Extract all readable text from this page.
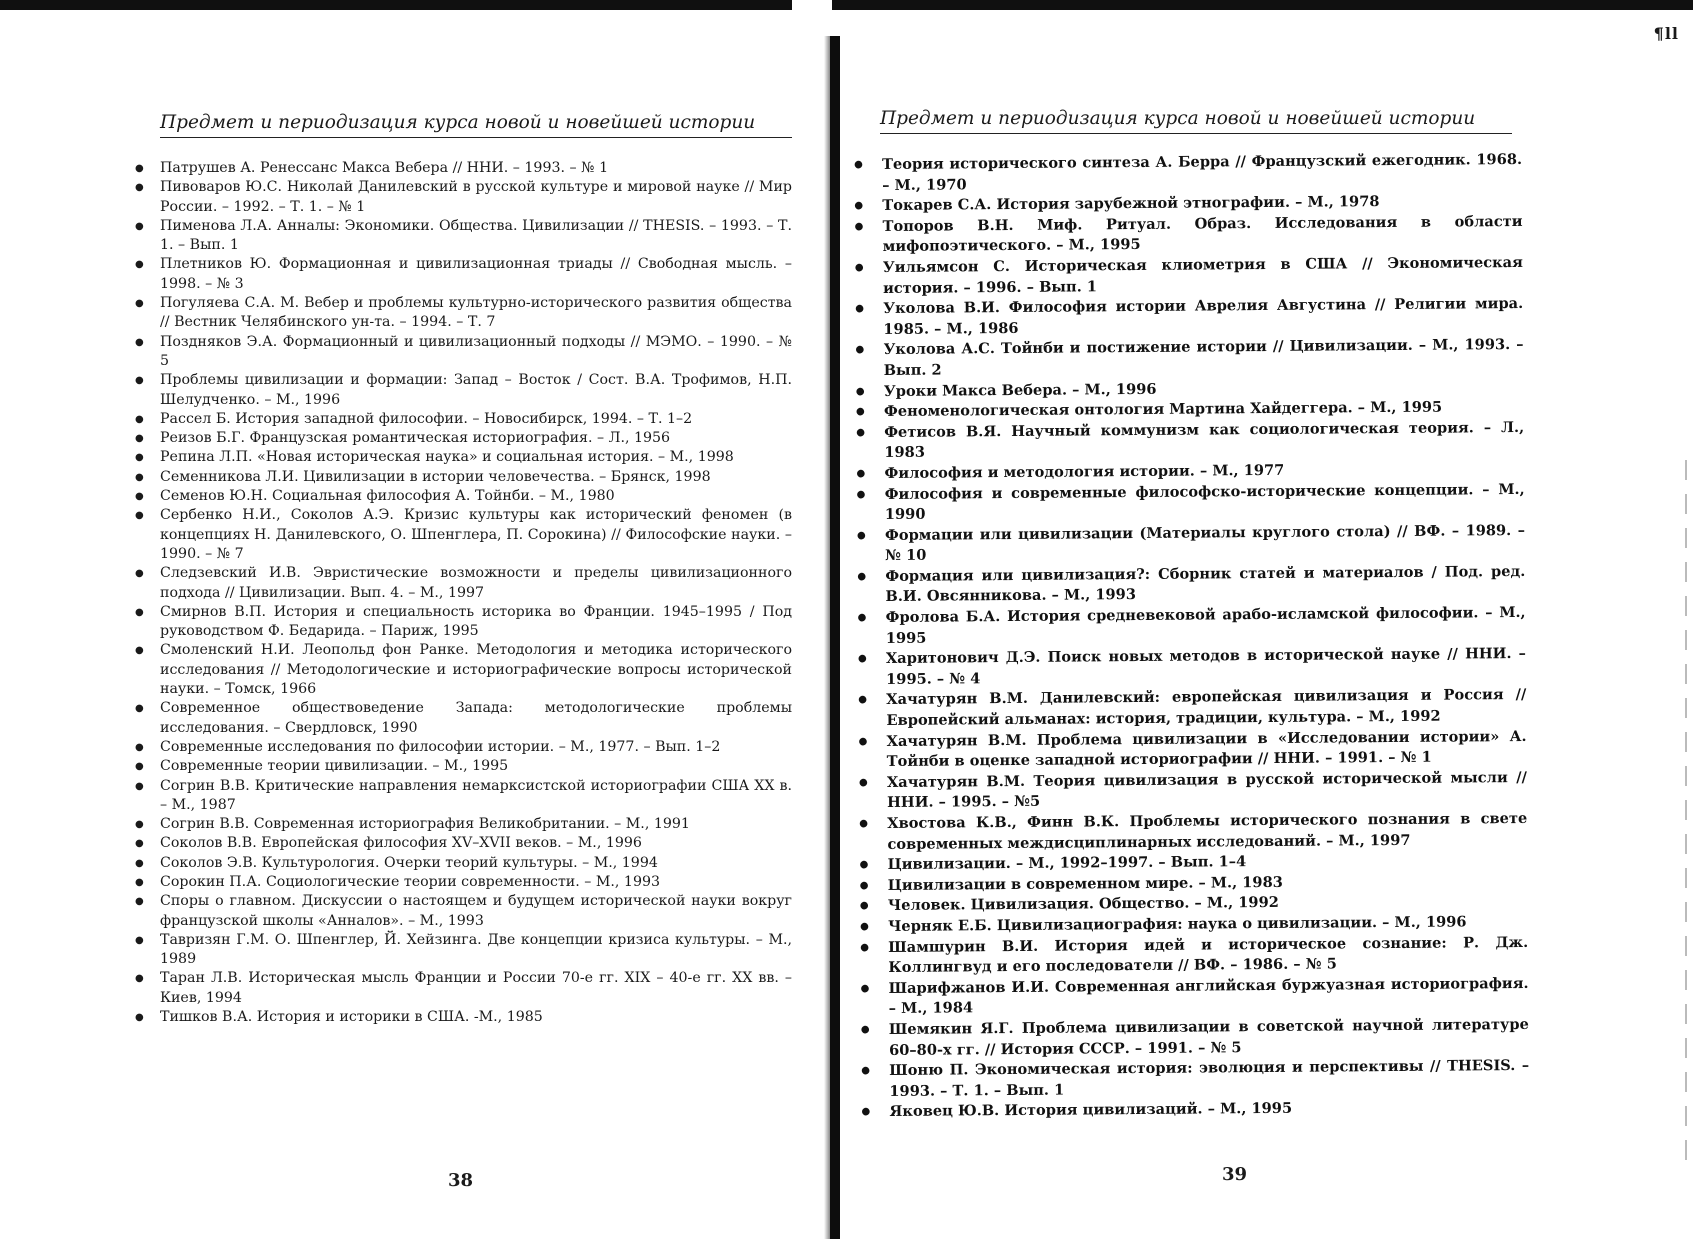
Предмет и периодизация курса новой и новейшей истории
● Патрушев А. Ренессанс Макса Вебера // ННИ. – 1993. – № 1
● Пивоваров Ю.С. Николай Данилевский в русской культуре и мировой науке // Мир России. – 1992. – Т. 1. – № 1
● Пименова Л.А. Анналы: Экономики. Общества. Цивилизации // THESIS. – 1993. – Т. 1. – Вып. 1
● Плетников Ю. Формационная и цивилизационная триады // Свободная мысль. – 1998. – № 3
● Погуляева С.А. М. Вебер и проблемы культурно-исторического развития общества // Вестник Челябинского ун-та. – 1994. – Т. 7
● Поздняков Э.А. Формационный и цивилизационный подходы // МЭМО. – 1990. – № 5
● Проблемы цивилизации и формации: Запад – Восток / Сост. В.А. Трофимов, Н.П. Шелудченко. – М., 1996
● Рассел Б. История западной философии. – Новосибирск, 1994. – Т. 1–2
● Реизов Б.Г. Французская романтическая историография. – Л., 1956
● Репина Л.П. «Новая историческая наука» и социальная история. – М., 1998
● Семенникова Л.И. Цивилизации в истории человечества. – Брянск, 1998
● Семенов Ю.Н. Социальная философия А. Тойнби. – М., 1980
● Сербенко Н.И., Соколов А.Э. Кризис культуры как исторический феномен (в концепциях Н. Данилевского, О. Шпенглера, П. Сорокина) // Философские науки. – 1990. – № 7
● Следзевский И.В. Эвристические возможности и пределы цивилизационного подхода // Цивилизации. Вып. 4. – М., 1997
● Смирнов В.П. История и специальность историка во Франции. 1945–1995 / Под руководством Ф. Бедарида. – Париж, 1995
● Смоленский Н.И. Леопольд фон Ранке. Методология и методика исторического исследования // Методологические и историографические вопросы исторической науки. – Томск, 1966
● Современное обществоведение Запада: методологические проблемы исследования. – Свердловск, 1990
● Современные исследования по философии истории. – М., 1977. – Вып. 1–2
● Современные теории цивилизации. – М., 1995
● Согрин В.В. Критические направления немарксистской историографии США XX в. – М., 1987
● Согрин В.В. Современная историография Великобритании. – М., 1991
● Соколов В.В. Европейская философия XV–XVII веков. – М., 1996
● Соколов Э.В. Культурология. Очерки теорий культуры. – М., 1994
● Сорокин П.А. Социологические теории современности. – М., 1993
● Споры о главном. Дискуссии о настоящем и будущем исторической науки вокруг французской школы «Анналов». – М., 1993
● Тавризян Г.М. О. Шпенглер, Й. Хейзинга. Две концепции кризиса культуры. – М., 1989
● Таран Л.В. Историческая мысль Франции и России 70-е гг. XIX – 40-е гг. XX вв. – Киев, 1994
● Тишков В.А. История и историки в США. -М., 1985
38
Предмет и периодизация курса новой и новейшей истории
● Теория исторического синтеза А. Берра // Французский ежегодник. 1968. – М., 1970
● Токарев С.А. История зарубежной этнографии. – М., 1978
● Топоров В.Н. Миф. Ритуал. Образ. Исследования в области мифопоэтического. – М., 1995
● Уильямсон С. Историческая клиометрия в США // Экономическая история. – 1996. – Вып. 1
● Уколова В.И. Философия истории Аврелия Августина // Религии мира. 1985. – М., 1986
● Уколова А.С. Тойнби и постижение истории // Цивилизации. – М., 1993. – Вып. 2
● Уроки Макса Вебера. – М., 1996
● Феноменологическая онтология Мартина Хайдеггера. – М., 1995
● Фетисов В.Я. Научный коммунизм как социологическая теория. – Л., 1983
● Философия и методология истории. – М., 1977
● Философия и современные философско-исторические концепции. – М., 1990
● Формации или цивилизации (Материалы круглого стола) // ВФ. – 1989. – № 10
● Формация или цивилизация?: Сборник статей и материалов / Под. ред. В.И. Овсянникова. – М., 1993
● Фролова Б.А. История средневековой арабо-исламской философии. – М., 1995
● Харитонович Д.Э. Поиск новых методов в исторической науке // ННИ. – 1995. – № 4
● Хачатурян В.М. Данилевский: европейская цивилизация и Россия // Европейский альманах: история, традиции, культура. – М., 1992
● Хачатурян В.М. Проблема цивилизации в «Исследовании истории» А. Тойнби в оценке западной историографии // ННИ. – 1991. – № 1
● Хачатурян В.М. Теория цивилизация в русской исторической мысли // ННИ. – 1995. – №5
● Хвостова К.В., Финн В.К. Проблемы исторического познания в свете современных междисциплинарных исследований. – М., 1997
● Цивилизации. – М., 1992–1997. – Вып. 1–4
● Цивилизации в современном мире. – М., 1983
● Человек. Цивилизация. Общество. – М., 1992
● Черняк Е.Б. Цивилизациография: наука о цивилизации. – М., 1996
● Шамшурин В.И. История идей и историческое сознание: Р. Дж. Коллингвуд и его последователи // ВФ. – 1986. – № 5
● Шарифжанов И.И. Современная английская буржуазная историография. – М., 1984
● Шемякин Я.Г. Проблема цивилизации в советской научной литературе 60–80-х гг. // История СССР. – 1991. – № 5
● Шоню П. Экономическая история: эволюция и перспективы // THESIS. – 1993. – Т. 1. – Вып. 1
● Яковец Ю.В. История цивилизаций. – М., 1995
39
¶ll
